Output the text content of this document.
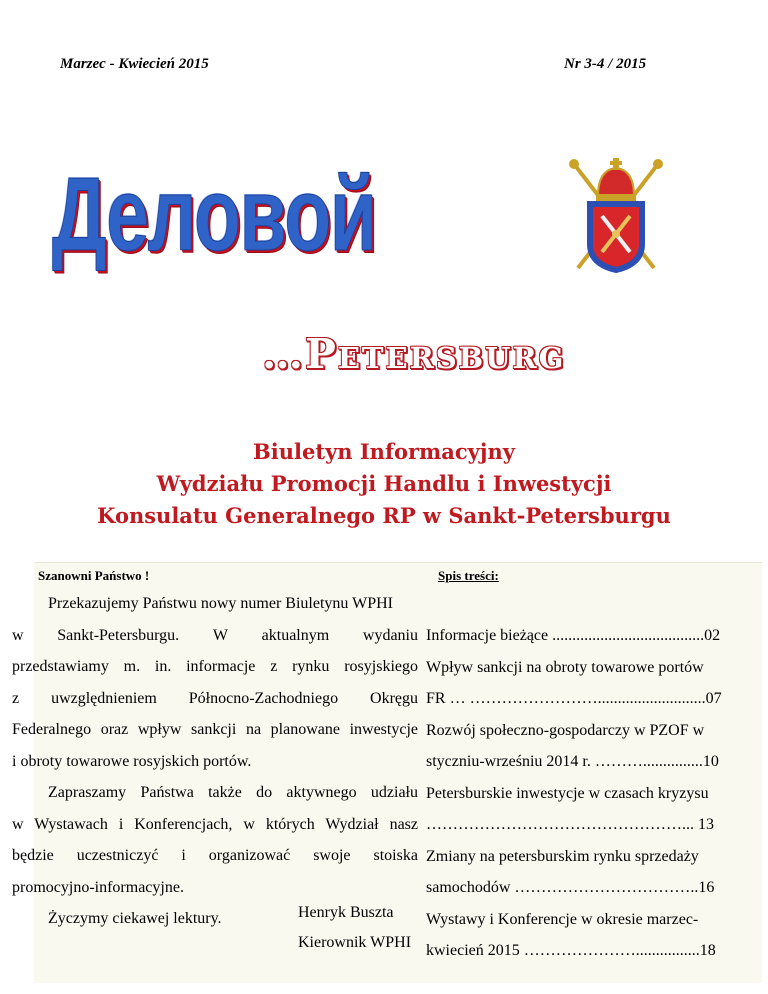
Marzec - Kwiecień 2015	Nr 3-4 / 2015
Деловой
…Petersburg
Biuletyn Informacyjny
Wydziału Promocji Handlu i Inwestycji
Konsulatu Generalnego RP w Sankt-Petersburgu
Szanowni Państwo !	Spis treści:
Przekazujemy Państwu nowy numer Biuletynu WPHI
w Sankt-Petersburgu. W aktualnym wydaniu
przedstawiamy m. in. informacje z rynku rosyjskiego
z uwzględnieniem Północno-Zachodniego Okręgu
Federalnego oraz wpływ sankcji na planowane inwestycje
i obroty towarowe rosyjskich portów.
Zapraszamy Państwa także do aktywnego udziału
w Wystawach i Konferencjach, w których Wydział nasz
będzie uczestniczyć i organizować swoje stoiska
promocyjno-informacyjne.
Życzymy ciekawej lektury.
Informacje bieżące ......................................02
Wpływ sankcji na obroty towarowe portów
FR … ……………………...........................07
Rozwój społeczno-gospodarczy w PZOF w
styczniu-wrześniu 2014 r. ………...............10
Petersburskie inwestycje w czasach kryzysu
…………………………………………... 13
Zmiany na petersburskim rynku sprzedaży
samochodów ……………………………..16
Wystawy i Konferencje w okresie marzec-
kwiecień 2015 …………………................18
Henryk Buszta
Kierownik WPHI
